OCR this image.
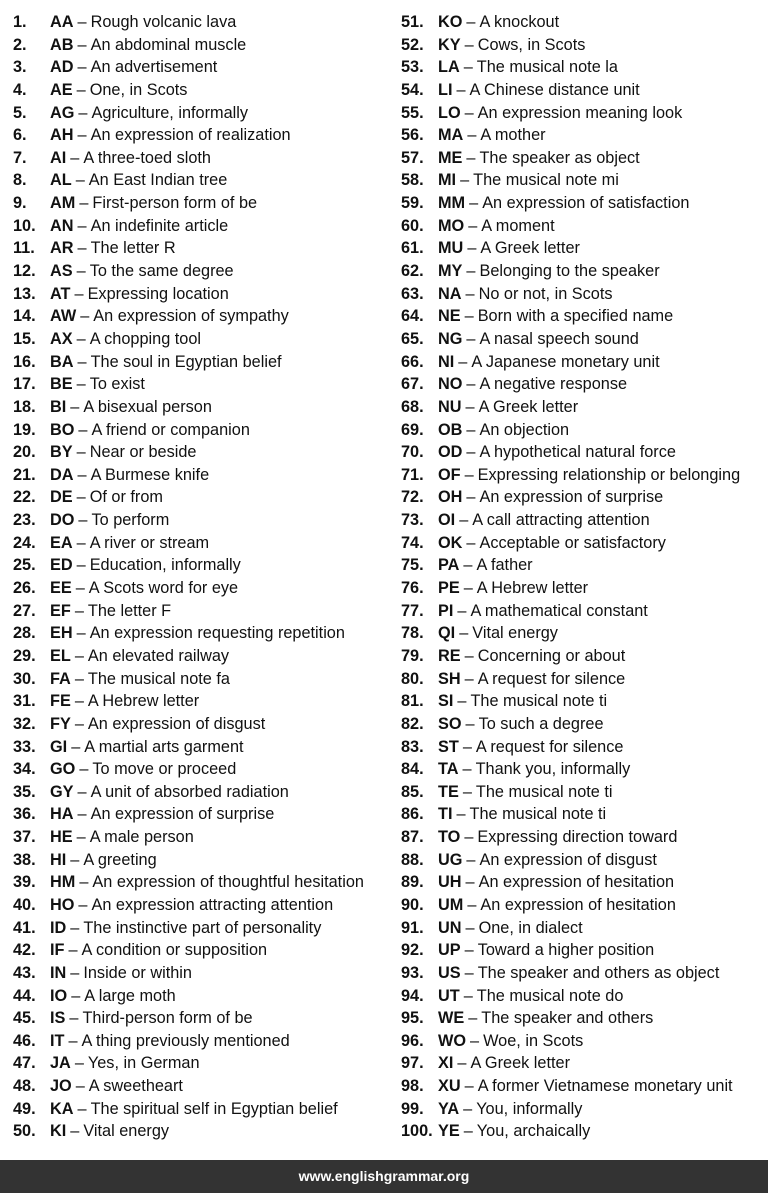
1.	AA – Rough volcanic lava
2.	AB – An abdominal muscle
3.	AD – An advertisement
4.	AE – One, in Scots
5.	AG – Agriculture, informally
6.	AH – An expression of realization
7.	AI – A three-toed sloth
8.	AL – An East Indian tree
9.	AM – First-person form of be
10. AN – An indefinite article
11. AR – The letter R
12. AS – To the same degree
13. AT – Expressing location
14. AW – An expression of sympathy
15. AX – A chopping tool
16. BA – The soul in Egyptian belief
17. BE – To exist
18. BI – A bisexual person
19. BO – A friend or companion
20. BY – Near or beside
21. DA – A Burmese knife
22. DE – Of or from
23. DO – To perform
24. EA – A river or stream
25. ED – Education, informally
26. EE – A Scots word for eye
27. EF – The letter F
28. EH – An expression requesting repetition
29. EL – An elevated railway
30. FA – The musical note fa
31. FE – A Hebrew letter
32. FY – An expression of disgust
33. GI – A martial arts garment
34. GO – To move or proceed
35. GY – A unit of absorbed radiation
36. HA – An expression of surprise
37. HE – A male person
38. HI – A greeting
39. HM – An expression of thoughtful hesitation
40. HO – An expression attracting attention
41. ID – The instinctive part of personality
42. IF – A condition or supposition
43. IN – Inside or within
44. IO – A large moth
45. IS – Third-person form of be
46. IT – A thing previously mentioned
47. JA – Yes, in German
48. JO – A sweetheart
49. KA – The spiritual self in Egyptian belief
50. KI – Vital energy
51. KO – A knockout
52. KY – Cows, in Scots
53. LA – The musical note la
54. LI – A Chinese distance unit
55. LO – An expression meaning look
56. MA – A mother
57. ME – The speaker as object
58. MI – The musical note mi
59. MM – An expression of satisfaction
60. MO – A moment
61. MU – A Greek letter
62. MY – Belonging to the speaker
63. NA – No or not, in Scots
64. NE – Born with a specified name
65. NG – A nasal speech sound
66. NI – A Japanese monetary unit
67. NO – A negative response
68. NU – A Greek letter
69. OB – An objection
70. OD – A hypothetical natural force
71. OF – Expressing relationship or belonging
72. OH – An expression of surprise
73. OI – A call attracting attention
74. OK – Acceptable or satisfactory
75. PA – A father
76. PE – A Hebrew letter
77. PI – A mathematical constant
78. QI – Vital energy
79. RE – Concerning or about
80. SH – A request for silence
81. SI – The musical note ti
82. SO – To such a degree
83. ST – A request for silence
84. TA – Thank you, informally
85. TE – The musical note ti
86. TI – The musical note ti
87. TO – Expressing direction toward
88. UG – An expression of disgust
89. UH – An expression of hesitation
90. UM – An expression of hesitation
91. UN – One, in dialect
92. UP – Toward a higher position
93. US – The speaker and others as object
94. UT – The musical note do
95. WE – The speaker and others
96. WO – Woe, in Scots
97. XI – A Greek letter
98. XU – A former Vietnamese monetary unit
99. YA – You, informally
100. YE – You, archaically
www.englishgrammar.org
